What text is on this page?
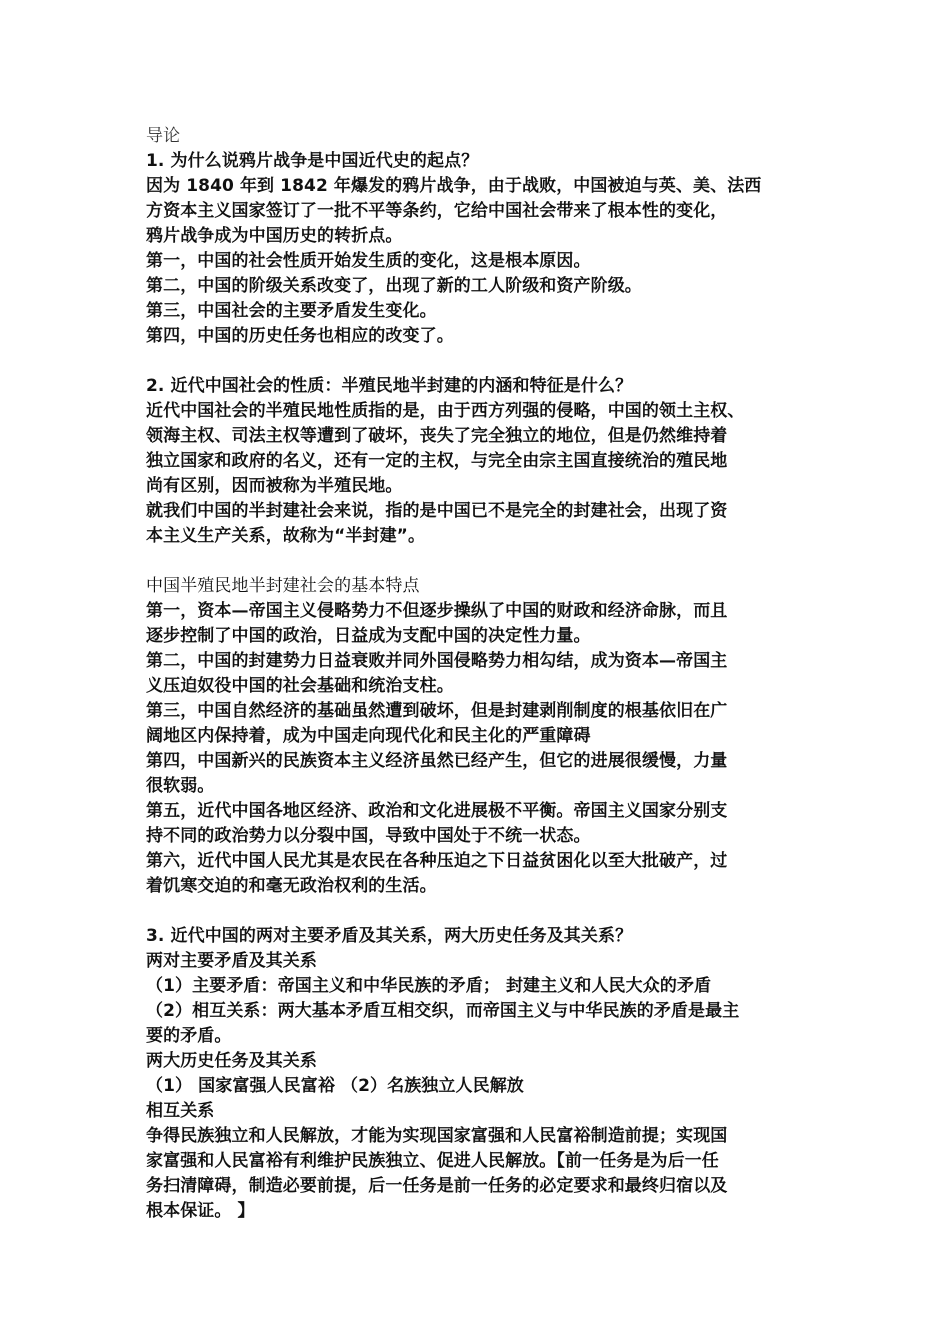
导论
1. 为什么说鸦片战争是中国近代史的起点？
因为 1840 年到 1842 年爆发的鸦片战争，由于战败，中国被迫与英、美、法西
方资本主义国家签订了一批不平等条约，它给中国社会带来了根本性的变化，
鸦片战争成为中国历史的转折点。
第一，中国的社会性质开始发生质的变化，这是根本原因。
第二，中国的阶级关系改变了，出现了新的工人阶级和资产阶级。
第三，中国社会的主要矛盾发生变化。
第四，中国的历史任务也相应的改变了。
2. 近代中国社会的性质：半殖民地半封建的内涵和特征是什么？
近代中国社会的半殖民地性质指的是，由于西方列强的侵略，中国的领土主权、
领海主权、司法主权等遭到了破坏，丧失了完全独立的地位，但是仍然维持着
独立国家和政府的名义，还有一定的主权，与完全由宗主国直接统治的殖民地
尚有区别，因而被称为半殖民地。
就我们中国的半封建社会来说，指的是中国已不是完全的封建社会，出现了资
本主义生产关系，故称为“半封建”。
中国半殖民地半封建社会的基本特点
第一，资本—帝国主义侵略势力不但逐步操纵了中国的财政和经济命脉，而且
逐步控制了中国的政治，日益成为支配中国的决定性力量。
第二，中国的封建势力日益衰败并同外国侵略势力相勾结，成为资本—帝国主
义压迫奴役中国的社会基础和统治支柱。
第三，中国自然经济的基础虽然遭到破坏，但是封建剥削制度的根基依旧在广
阔地区内保持着，成为中国走向现代化和民主化的严重障碍
第四，中国新兴的民族资本主义经济虽然已经产生，但它的进展很缓慢，力量
很软弱。
第五，近代中国各地区经济、政治和文化进展极不平衡。帝国主义国家分别支
持不同的政治势力以分裂中国，导致中国处于不统一状态。
第六，近代中国人民尤其是农民在各种压迫之下日益贫困化以至大批破产，过
着饥寒交迫的和毫无政治权利的生活。
3. 近代中国的两对主要矛盾及其关系，两大历史任务及其关系？
两对主要矛盾及其关系
（1）主要矛盾：帝国主义和中华民族的矛盾； 封建主义和人民大众的矛盾
（2）相互关系：两大基本矛盾互相交织，而帝国主义与中华民族的矛盾是最主
要的矛盾。
两大历史任务及其关系
（1） 国家富强人民富裕 （2）名族独立人民解放
相互关系
争得民族独立和人民解放，才能为实现国家富强和人民富裕制造前提；实现国
家富强和人民富裕有利维护民族独立、促进人民解放。【前一任务是为后一任
务扫清障碍，制造必要前提，后一任务是前一任务的必定要求和最终归宿以及
根本保证。 】
